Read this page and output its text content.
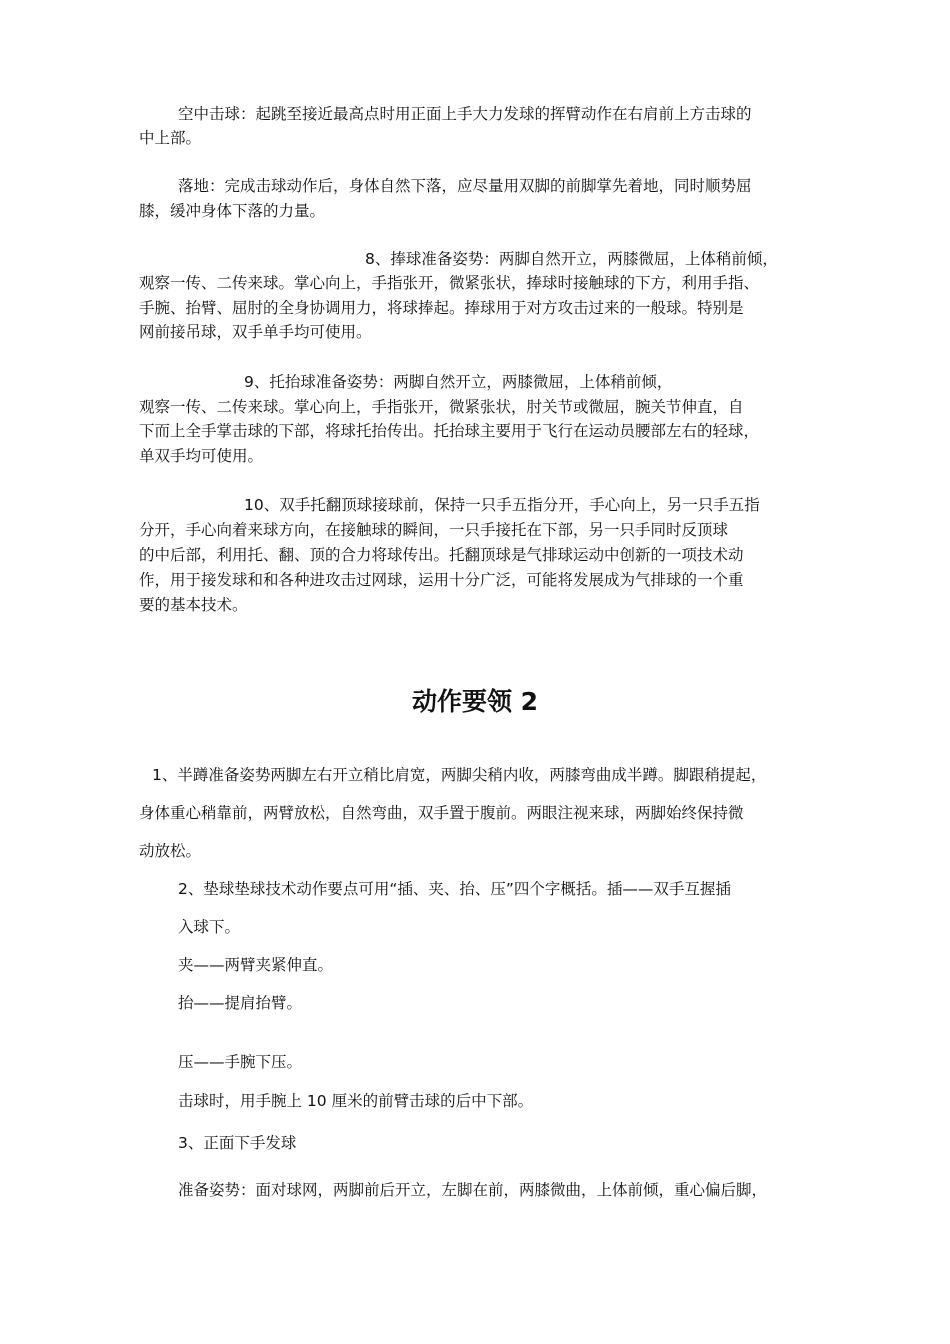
空中击球：起跳至接近最高点时用正面上手大力发球的挥臂动作在右肩前上方击球的

中上部。

落地：完成击球动作后，身体自然下落，应尽量用双脚的前脚掌先着地，同时顺势屈

膝，缓冲身体下落的力量。

8、捧球准备姿势：两脚自然开立，两膝微屈，上体稍前倾，

观察一传、二传来球。掌心向上，手指张开，微紧张状，捧球时接触球的下方，利用手指、

手腕、抬臂、屈肘的全身协调用力，将球捧起。捧球用于对方攻击过来的一般球。特别是

网前接吊球，双手单手均可使用。

9、托抬球准备姿势：两脚自然开立，两膝微屈，上体稍前倾，

观察一传、二传来球。掌心向上，手指张开，微紧张状，肘关节或微屈，腕关节伸直，自

下而上全手掌击球的下部，将球托抬传出。托抬球主要用于飞行在运动员腰部左右的轻球，

单双手均可使用。

10、双手托翻顶球接球前，保持一只手五指分开，手心向上，另一只手五指

分开，手心向着来球方向，在接触球的瞬间，一只手接托在下部，另一只手同时反顶球

的中后部，利用托、翻、顶的合力将球传出。托翻顶球是气排球运动中创新的一项技术动

作，用于接发球和和各种进攻击过网球，运用十分广泛，可能将发展成为气排球的一个重

要的基本技术。

动作要领 2

1、半蹲准备姿势两脚左右开立稍比肩宽，两脚尖稍内收，两膝弯曲成半蹲。脚跟稍提起，

身体重心稍靠前，两臂放松，自然弯曲，双手置于腹前。两眼注视来球，两脚始终保持微

动放松。

2、垫球垫球技术动作要点可用“插、夹、抬、压”四个字概括。插——双手互握插

入球下。

夹——两臂夹紧伸直。

抬——提肩抬臂。

压——手腕下压。

击球时，用手腕上 10 厘米的前臂击球的后中下部。

3、正面下手发球

准备姿势：面对球网，两脚前后开立，左脚在前，两膝微曲，上体前倾，重心偏后脚，
